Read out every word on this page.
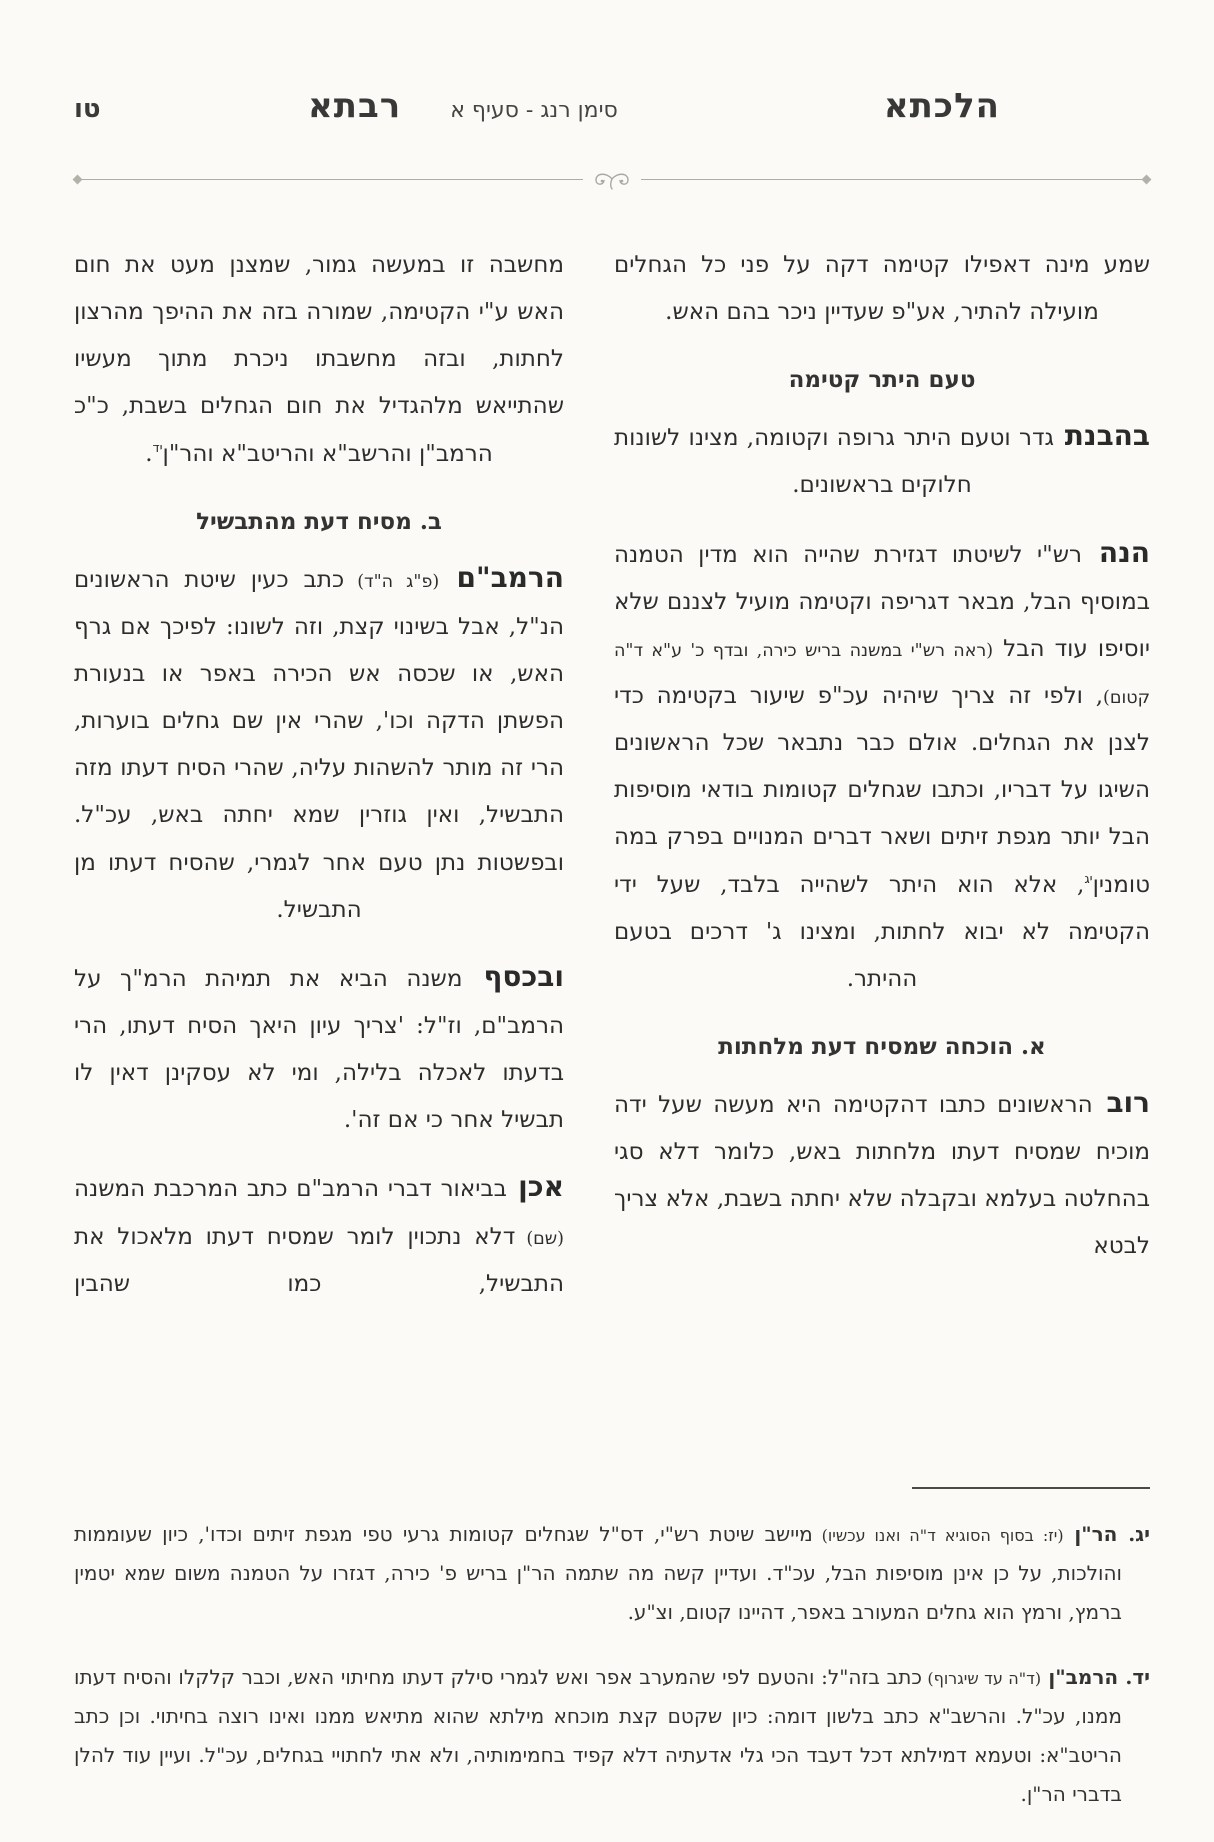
הלכתא
סימן רנג - סעיף א
רבתא
טו

שמע מינה דאפילו קטימה דקה על פני כל הגחלים מועילה להתיר, אע"פ שעדיין ניכר בהם האש.

טעם היתר קטימה

בהבנת גדר וטעם היתר גרופה וקטומה, מצינו לשונות חלוקים בראשונים.

הנה רש"י לשיטתו דגזירת שהייה הוא מדין הטמנה במוסיף הבל, מבאר דגריפה וקטימה מועיל לצננם שלא יוסיפו עוד הבל (ראה רש"י במשנה בריש כירה, ובדף כ' ע"א ד"ה קטום), ולפי זה צריך שיהיה עכ"פ שיעור בקטימה כדי לצנן את הגחלים. אולם כבר נתבאר שכל הראשונים השיגו על דבריו, וכתבו שגחלים קטומות בודאי מוסיפות הבל יותר מגפת זיתים ושאר דברים המנויים בפרק במה טומנין$^{יג}$, אלא הוא היתר לשהייה בלבד, שעל ידי הקטימה לא יבוא לחתות, ומצינו ג' דרכים בטעם ההיתר.

א. הוכחה שמסיח דעת מלחתות

רוב הראשונים כתבו דהקטימה היא מעשה שעל ידה מוכיח שמסיח דעתו מלחתות באש, כלומר דלא סגי בהחלטה בעלמא ובקבלה שלא יחתה בשבת, אלא צריך לבטא

מחשבה זו במעשה גמור, שמצנן מעט את חום האש ע"י הקטימה, שמורה בזה את ההיפך מהרצון לחתות, ובזה מחשבתו ניכרת מתוך מעשיו שהתייאש מלהגדיל את חום הגחלים בשבת, כ"כ הרמב"ן והרשב"א והריטב"א והר"ן$^{יד}$.

ב. מסיח דעת מהתבשיל

הרמב"ם (פ"ג ה"ד) כתב כעין שיטת הראשונים הנ"ל, אבל בשינוי קצת, וזה לשונו: לפיכך אם גרף האש, או שכסה אש הכירה באפר או בנעורת הפשתן הדקה וכו', שהרי אין שם גחלים בוערות, הרי זה מותר להשהות עליה, שהרי הסיח דעתו מזה התבשיל, ואין גוזרין שמא יחתה באש, עכ"ל. ובפשטות נתן טעם אחר לגמרי, שהסיח דעתו מן התבשיל.

ובכסף משנה הביא את תמיהת הרמ"ך על הרמב"ם, וז"ל: 'צריך עיון היאך הסיח דעתו, הרי בדעתו לאכלה בלילה, ומי לא עסקינן דאין לו תבשיל אחר כי אם זה'.

אכן בביאור דברי הרמב"ם כתב המרכבת המשנה (שם) דלא נתכוין לומר שמסיח דעתו מלאכול את התבשיל, כמו שהבין

יג. הר"ן (יז: בסוף הסוגיא ד"ה ואנו עכשיו) מיישב שיטת רש"י, דס"ל שגחלים קטומות גרעי טפי מגפת זיתים וכדו', כיון שעוממות והולכות, על כן אינן מוסיפות הבל, עכ"ד. ועדיין קשה מה שתמה הר"ן בריש פ' כירה, דגזרו על הטמנה משום שמא יטמין ברמץ, ורמץ הוא גחלים המעורב באפר, דהיינו קטום, וצ"ע.

יד. הרמב"ן (ד"ה עד שיגרוף) כתב בזה"ל: והטעם לפי שהמערב אפר ואש לגמרי סילק דעתו מחיתוי האש, וכבר קלקלו והסיח דעתו ממנו, עכ"ל. והרשב"א כתב בלשון דומה: כיון שקטם קצת מוכחא מילתא שהוא מתיאש ממנו ואינו רוצה בחיתוי. וכן כתב הריטב"א: וטעמא דמילתא דכל דעבד הכי גלי אדעתיה דלא קפיד בחמימותיה, ולא אתי לחתויי בגחלים, עכ"ל. ועיין עוד להלן בדברי הר"ן.
